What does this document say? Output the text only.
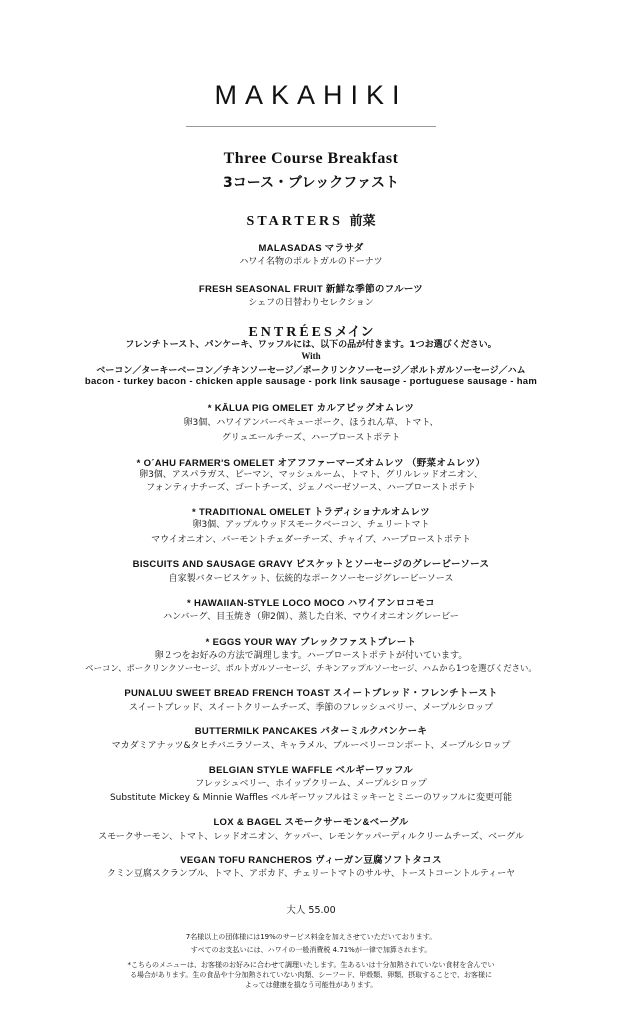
MAKAHIKI
Three Course Breakfast
3コース・ブレックファスト
STARTERS 前菜
MALASADAS マラサダ
ハワイ名物のポルトガルのドーナツ
FRESH SEASONAL FRUIT 新鮮な季節のフルーツ
シェフの日替わりセレクション
ENTRÉESメイン
フレンチトースト、パンケーキ、ワッフルには、以下の品が付きます。1つお選びください。
With
ベーコン／ターキーベーコン／チキンソーセージ／ポークリンクソーセージ／ポルトガルソーセージ／ハム
bacon - turkey bacon - chicken apple sausage - pork link sausage - portuguese sausage - ham
* KĀLUA PIG OMELET カルアピッグオムレツ
卵3個、ハワイアンバーベキューポーク、ほうれん草、トマト、
グリュエールチーズ、ハーブローストポテト
* O´AHU FARMER'S OMELET オアフファーマーズオムレツ （野菜オムレツ）
卵3個、アスパラガス、ピーマン、マッシュルーム、トマト、グリルレッドオニオン、
フォンティナチーズ、ゴートチーズ、ジェノベーゼソース、ハーブローストポテト
* TRADITIONAL OMELET トラディショナルオムレツ
卵3個、アップルウッドスモークベーコン、チェリートマト
マウイオニオン、バーモントチェダーチーズ、チャイブ、ハーブローストポテト
BISCUITS AND SAUSAGE GRAVY ビスケットとソーセージのグレービーソース
自家製バタービスケット、伝統的なポークソーセージグレービーソース
* HAWAIIAN-STYLE LOCO MOCO ハワイアンロコモコ
ハンバーグ、目玉焼き（卵2個）、蒸した白米、マウイオニオングレービー
* EGGS YOUR WAY ブレックファストプレート
卵２つをお好みの方法で調理します。ハーブローストポテトが付いています。
ベーコン、ポークリンクソーセージ、ポルトガルソーセージ、チキンアップルソーセージ、ハムから1つを選びください。
PUNALUU SWEET BREAD FRENCH TOAST スイートブレッド・フレンチトースト
スイートブレッド、スイートクリームチーズ、季節のフレッシュベリー、メープルシロップ
BUTTERMILK PANCAKES バターミルクパンケーキ
マカダミアナッツ&タヒチバニラソース、キャラメル、ブルーベリーコンポート、メープルシロップ
BELGIAN STYLE WAFFLE ベルギーワッフル
フレッシュベリー、ホイップクリーム、メープルシロップ
Substitute Mickey & Minnie Waffles ベルギーワッフルはミッキーとミニーのワッフルに変更可能
LOX & BAGEL スモークサーモン&ベーグル
スモークサーモン、トマト、レッドオニオン、ケッパー、レモンケッパーディルクリームチーズ、ベーグル
VEGAN TOFU RANCHEROS ヴィーガン豆腐ソフトタコス
クミン豆腐スクランブル、トマト、アボカド、チェリートマトのサルサ、トーストコーントルティーヤ
大人 55.00
7名様以上の団体様には19%のサービス料金を加えさせていただいております。
すべてのお支払いには、ハワイの一般消費税 4.71%が一律で加算されます。
*こちらのメニューは、お客様のお好みに合わせて調理いたします。生あるいは十分加熱されていない食材を含んでい
る場合があります。生の食品や十分加熱されていない肉類、シーフード、甲殻類、卵類、摂取することで、お客様に
よっては健康を損なう可能性があります。
